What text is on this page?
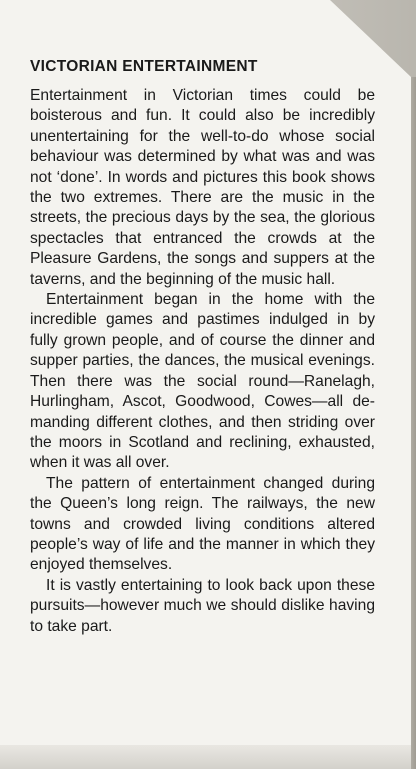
VICTORIAN ENTERTAINMENT

Entertainment in Victorian times could be boisterous and fun. It could also be incredibly unentertaining for the well-to-do whose social behaviour was determined by what was and was not ‘done’. In words and pictures this book shows the two extremes. There are the music in the streets, the precious days by the sea, the glorious spectacles that entranced the crowds at the Pleasure Gardens, the songs and suppers at the taverns, and the beginning of the music hall.

Entertainment began in the home with the incredible games and pastimes indulged in by fully grown people, and of course the dinner and supper parties, the dances, the musical evenings. Then there was the social round—Ranelagh, Hurlingham, Ascot, Goodwood, Cowes—all demanding different clothes, and then striding over the moors in Scotland and reclining, exhausted, when it was all over.

The pattern of entertainment changed during the Queen’s long reign. The railways, the new towns and crowded living conditions altered people’s way of life and the manner in which they enjoyed themselves.

It is vastly entertaining to look back upon these pursuits—however much we should dislike having to take part.
